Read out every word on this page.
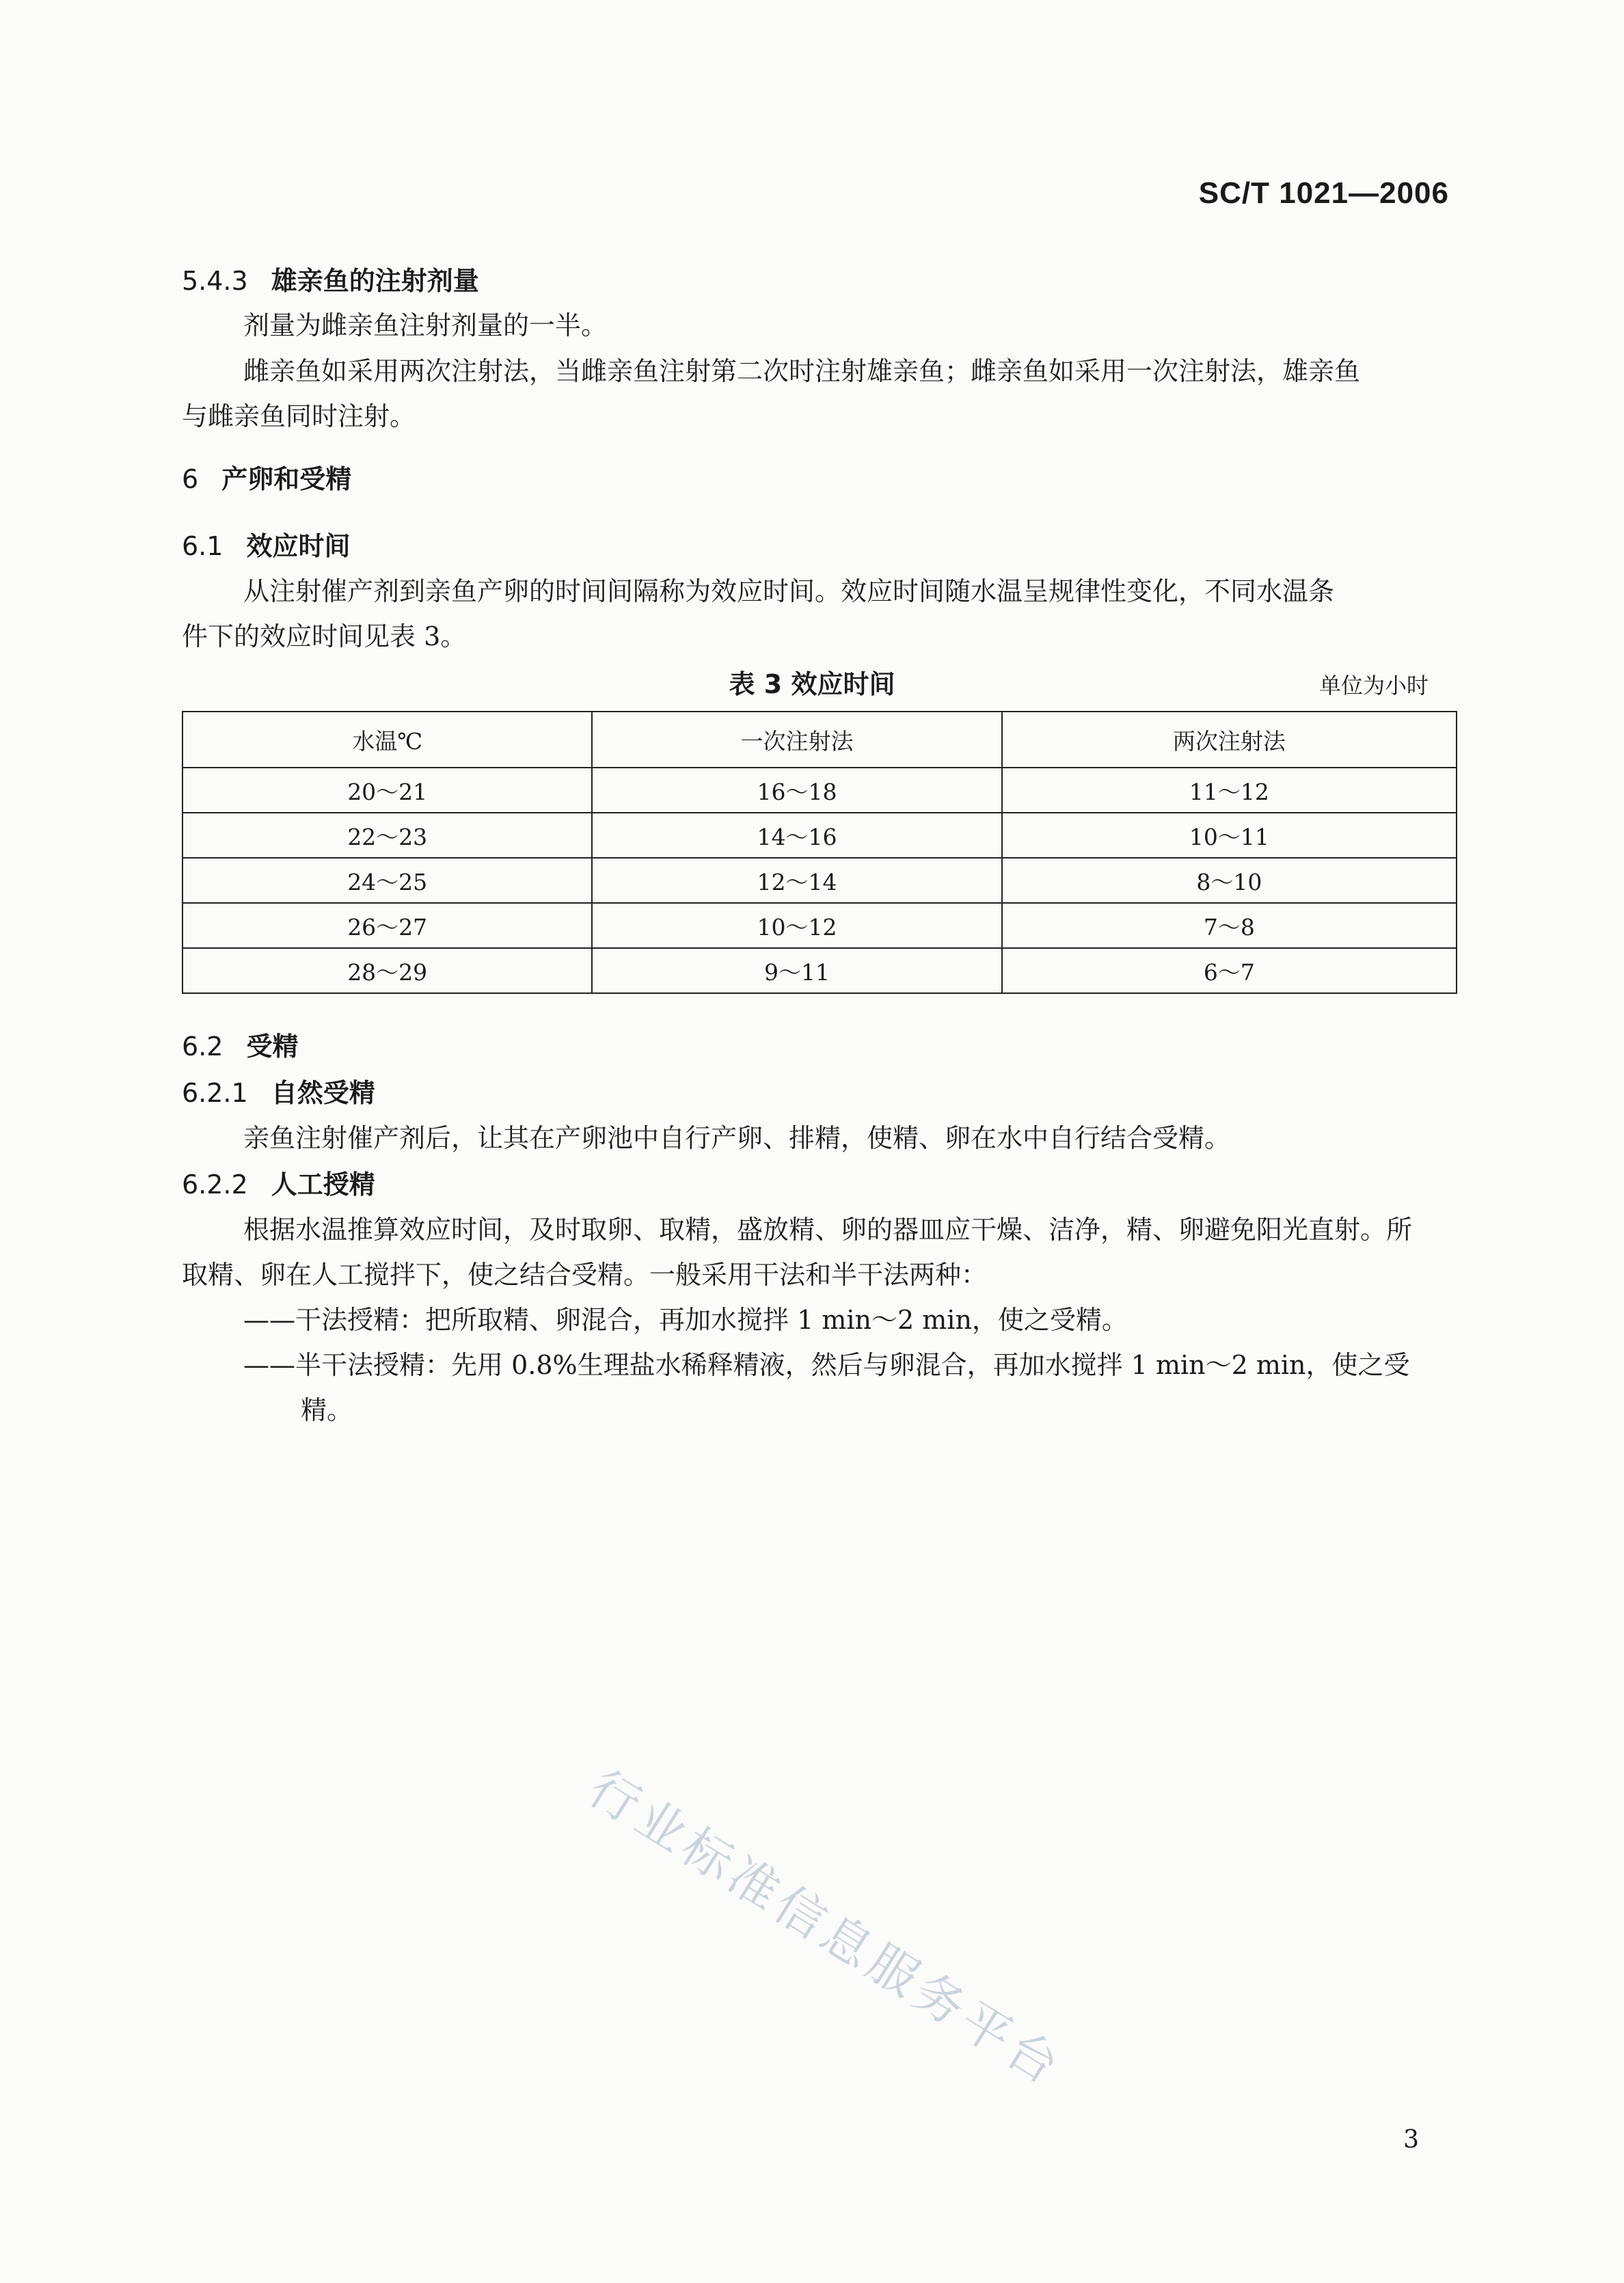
SC/T 1021—2006
5.4.3 雄亲鱼的注射剂量
剂量为雌亲鱼注射剂量的一半。
雌亲鱼如采用两次注射法，当雌亲鱼注射第二次时注射雄亲鱼；雌亲鱼如采用一次注射法，雄亲鱼
与雌亲鱼同时注射。
6 产卵和受精
6.1 效应时间
从注射催产剂到亲鱼产卵的时间间隔称为效应时间。效应时间随水温呈规律性变化，不同水温条
件下的效应时间见表 3。
表 3 效应时间	单位为小时
水温℃	一次注射法	两次注射法
20～21	16～18	11～12
22～23	14～16	10～11
24～25	12～14	8～10
26～27	10～12	7～8
28～29	9～11	6～7
6.2 受精
6.2.1 自然受精
亲鱼注射催产剂后，让其在产卵池中自行产卵、排精，使精、卵在水中自行结合受精。
6.2.2 人工授精
根据水温推算效应时间，及时取卵、取精，盛放精、卵的器皿应干燥、洁净，精、卵避免阳光直射。所
取精、卵在人工搅拌下，使之结合受精。一般采用干法和半干法两种：
——干法授精：把所取精、卵混合，再加水搅拌 1 min～2 min，使之受精。
——半干法授精：先用 0.8%生理盐水稀释精液，然后与卵混合，再加水搅拌 1 min～2 min，使之受
精。
行业标准信息服务平台
3
